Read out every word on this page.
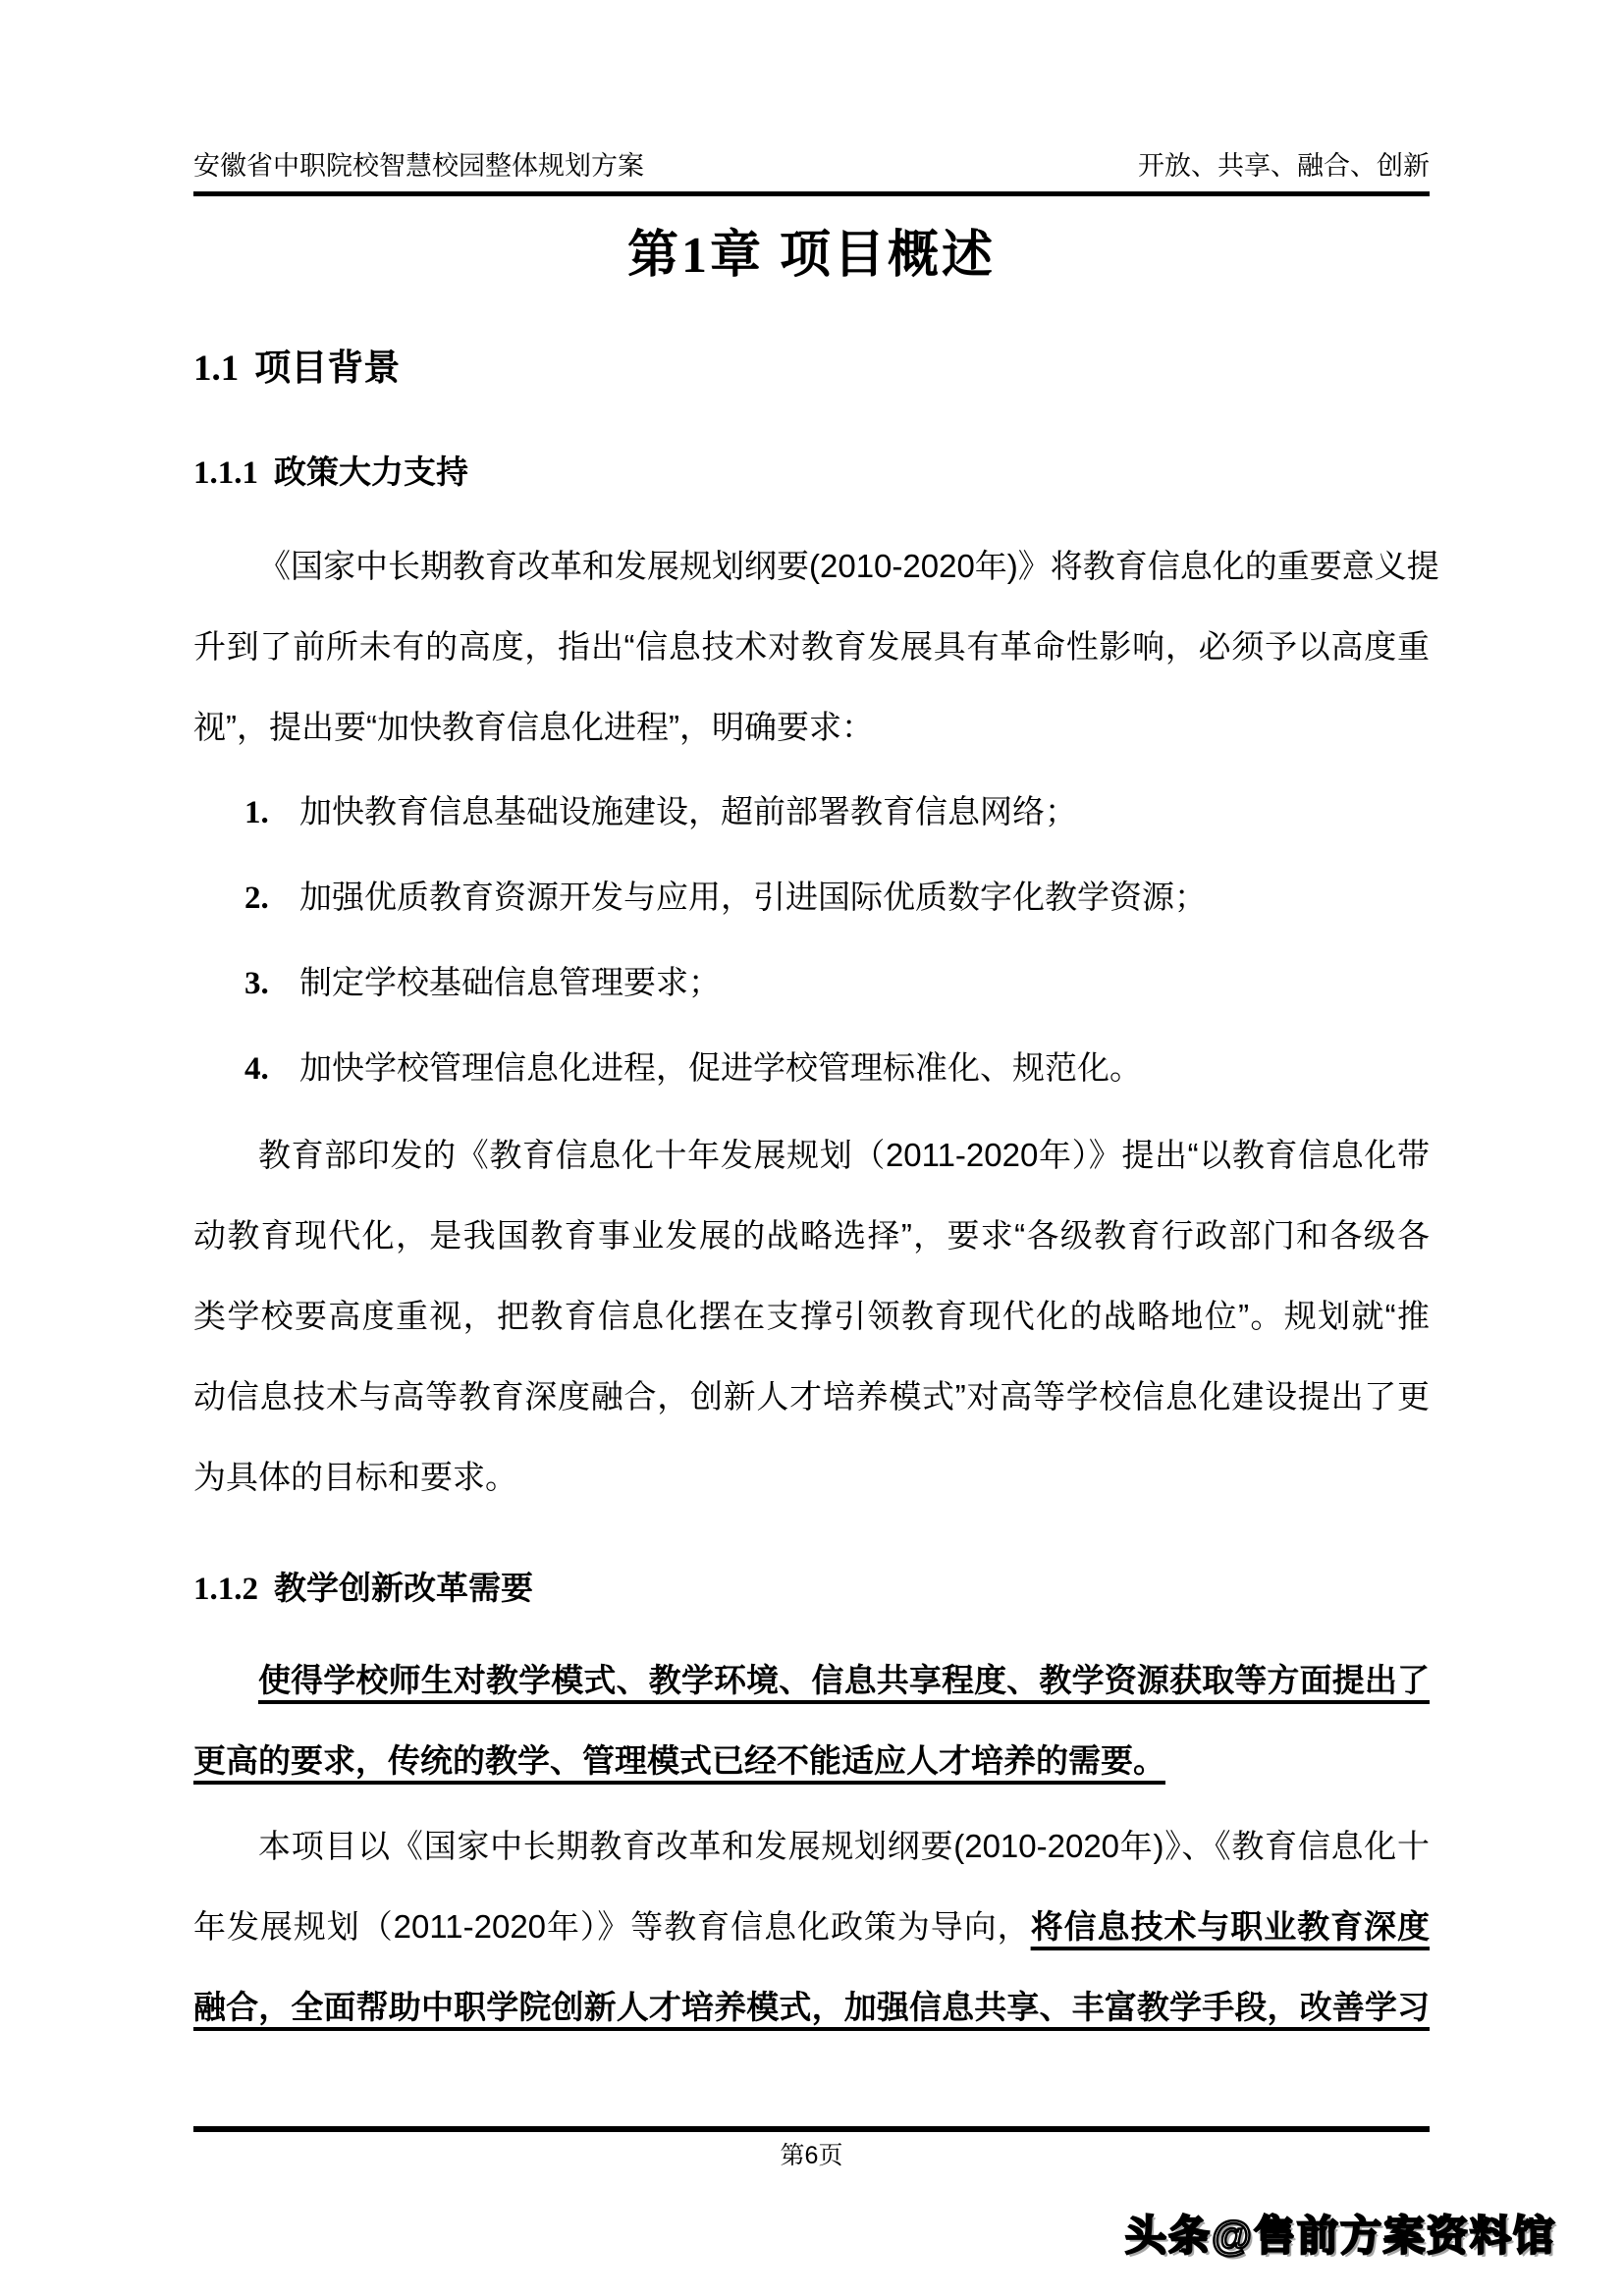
安徽省中职院校智慧校园整体规划方案	开放、共享、融合、创新
第1章 项目概述
1.1 项目背景
1.1.1 政策大力支持
《国家中长期教育改革和发展规划纲要(2010-2020年)》将教育信息化的重要意义提
升到了前所未有的高度，指出“信息技术对教育发展具有革命性影响，必须予以高度重
视”，提出要“加快教育信息化进程”，明确要求：
1. 加快教育信息基础设施建设，超前部署教育信息网络；
2. 加强优质教育资源开发与应用，引进国际优质数字化教学资源；
3. 制定学校基础信息管理要求；
4. 加快学校管理信息化进程，促进学校管理标准化、规范化。
教育部印发的《教育信息化十年发展规划（2011-2020年）》提出“以教育信息化带
动教育现代化，是我国教育事业发展的战略选择”，要求“各级教育行政部门和各级各
类学校要高度重视，把教育信息化摆在支撑引领教育现代化的战略地位”。规划就“推
动信息技术与高等教育深度融合，创新人才培养模式”对高等学校信息化建设提出了更
为具体的目标和要求。
1.1.2 教学创新改革需要
使得学校师生对教学模式、教学环境、信息共享程度、教学资源获取等方面提出了
更高的要求，传统的教学、管理模式已经不能适应人才培养的需要。
本项目以《国家中长期教育改革和发展规划纲要(2010-2020年)》、《教育信息化十
年发展规划（2011-2020年）》等教育信息化政策为导向，将信息技术与职业教育深度
融合，全面帮助中职学院创新人才培养模式，加强信息共享、丰富教学手段，改善学习
第6页
头条@售前方案资料馆
